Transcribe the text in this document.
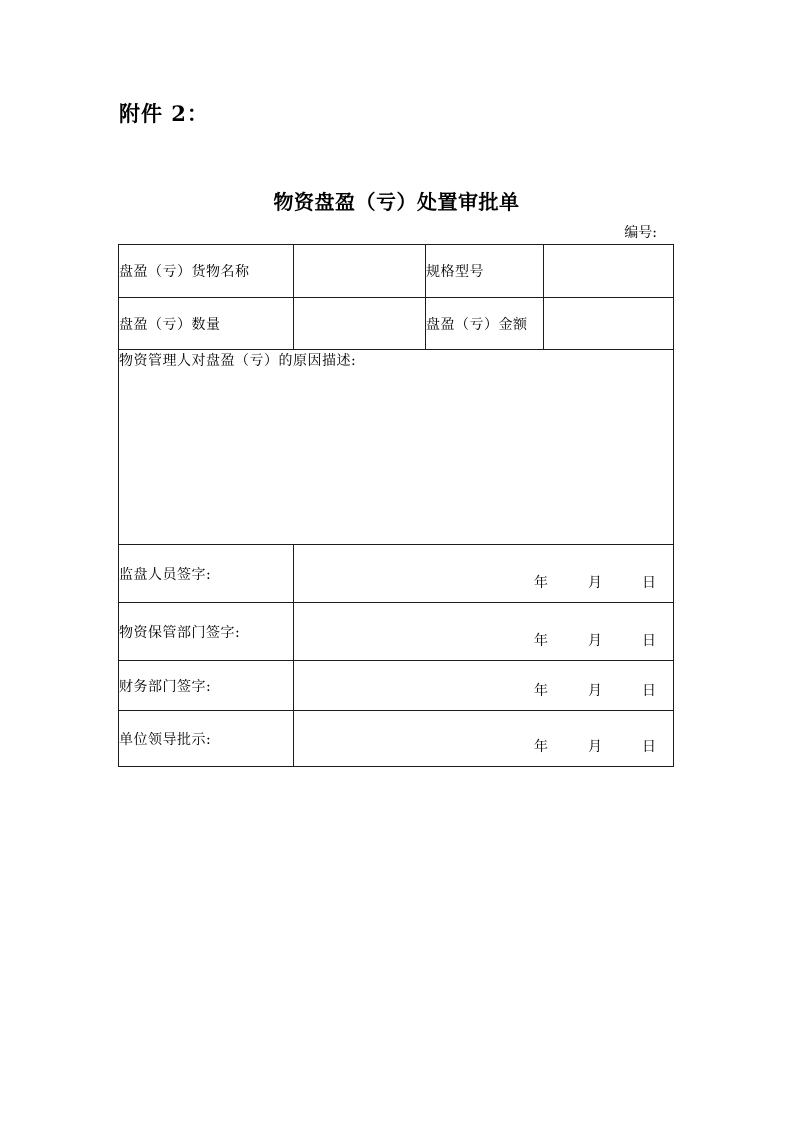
附件 2：
物资盘盈（亏）处置审批单
编号:
盘盈（亏）货物名称		规格型号	
盘盈（亏）数量		盘盈（亏）金额	
物资管理人对盘盈（亏）的原因描述:			
监盘人员签字:	年 月 日		

物资保管部门签字:	年 月 日		

财务部门签字:	年 月 日		

单位领导批示:	年 月 日		
